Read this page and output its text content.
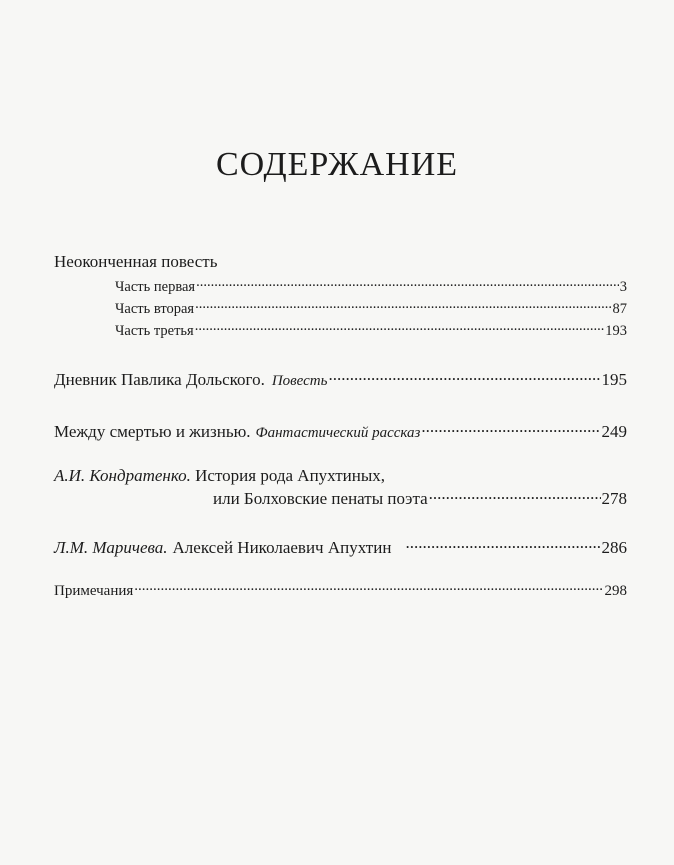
СОДЕРЖАНИЕ
Неоконченная повесть
Часть первая .....	3
Часть вторая .....	87
Часть третья .....	193
Дневник Павлика Дольского. Повесть .....	195
Между смертью и жизнью. Фантастический рассказ .....	249
А.И. Кондратенко. История рода Апухтиных,
или Болховские пенаты поэта .....	278
Л.М. Маричева. Алексей Николаевич Апухтин .....	286
Примечания .....	298
